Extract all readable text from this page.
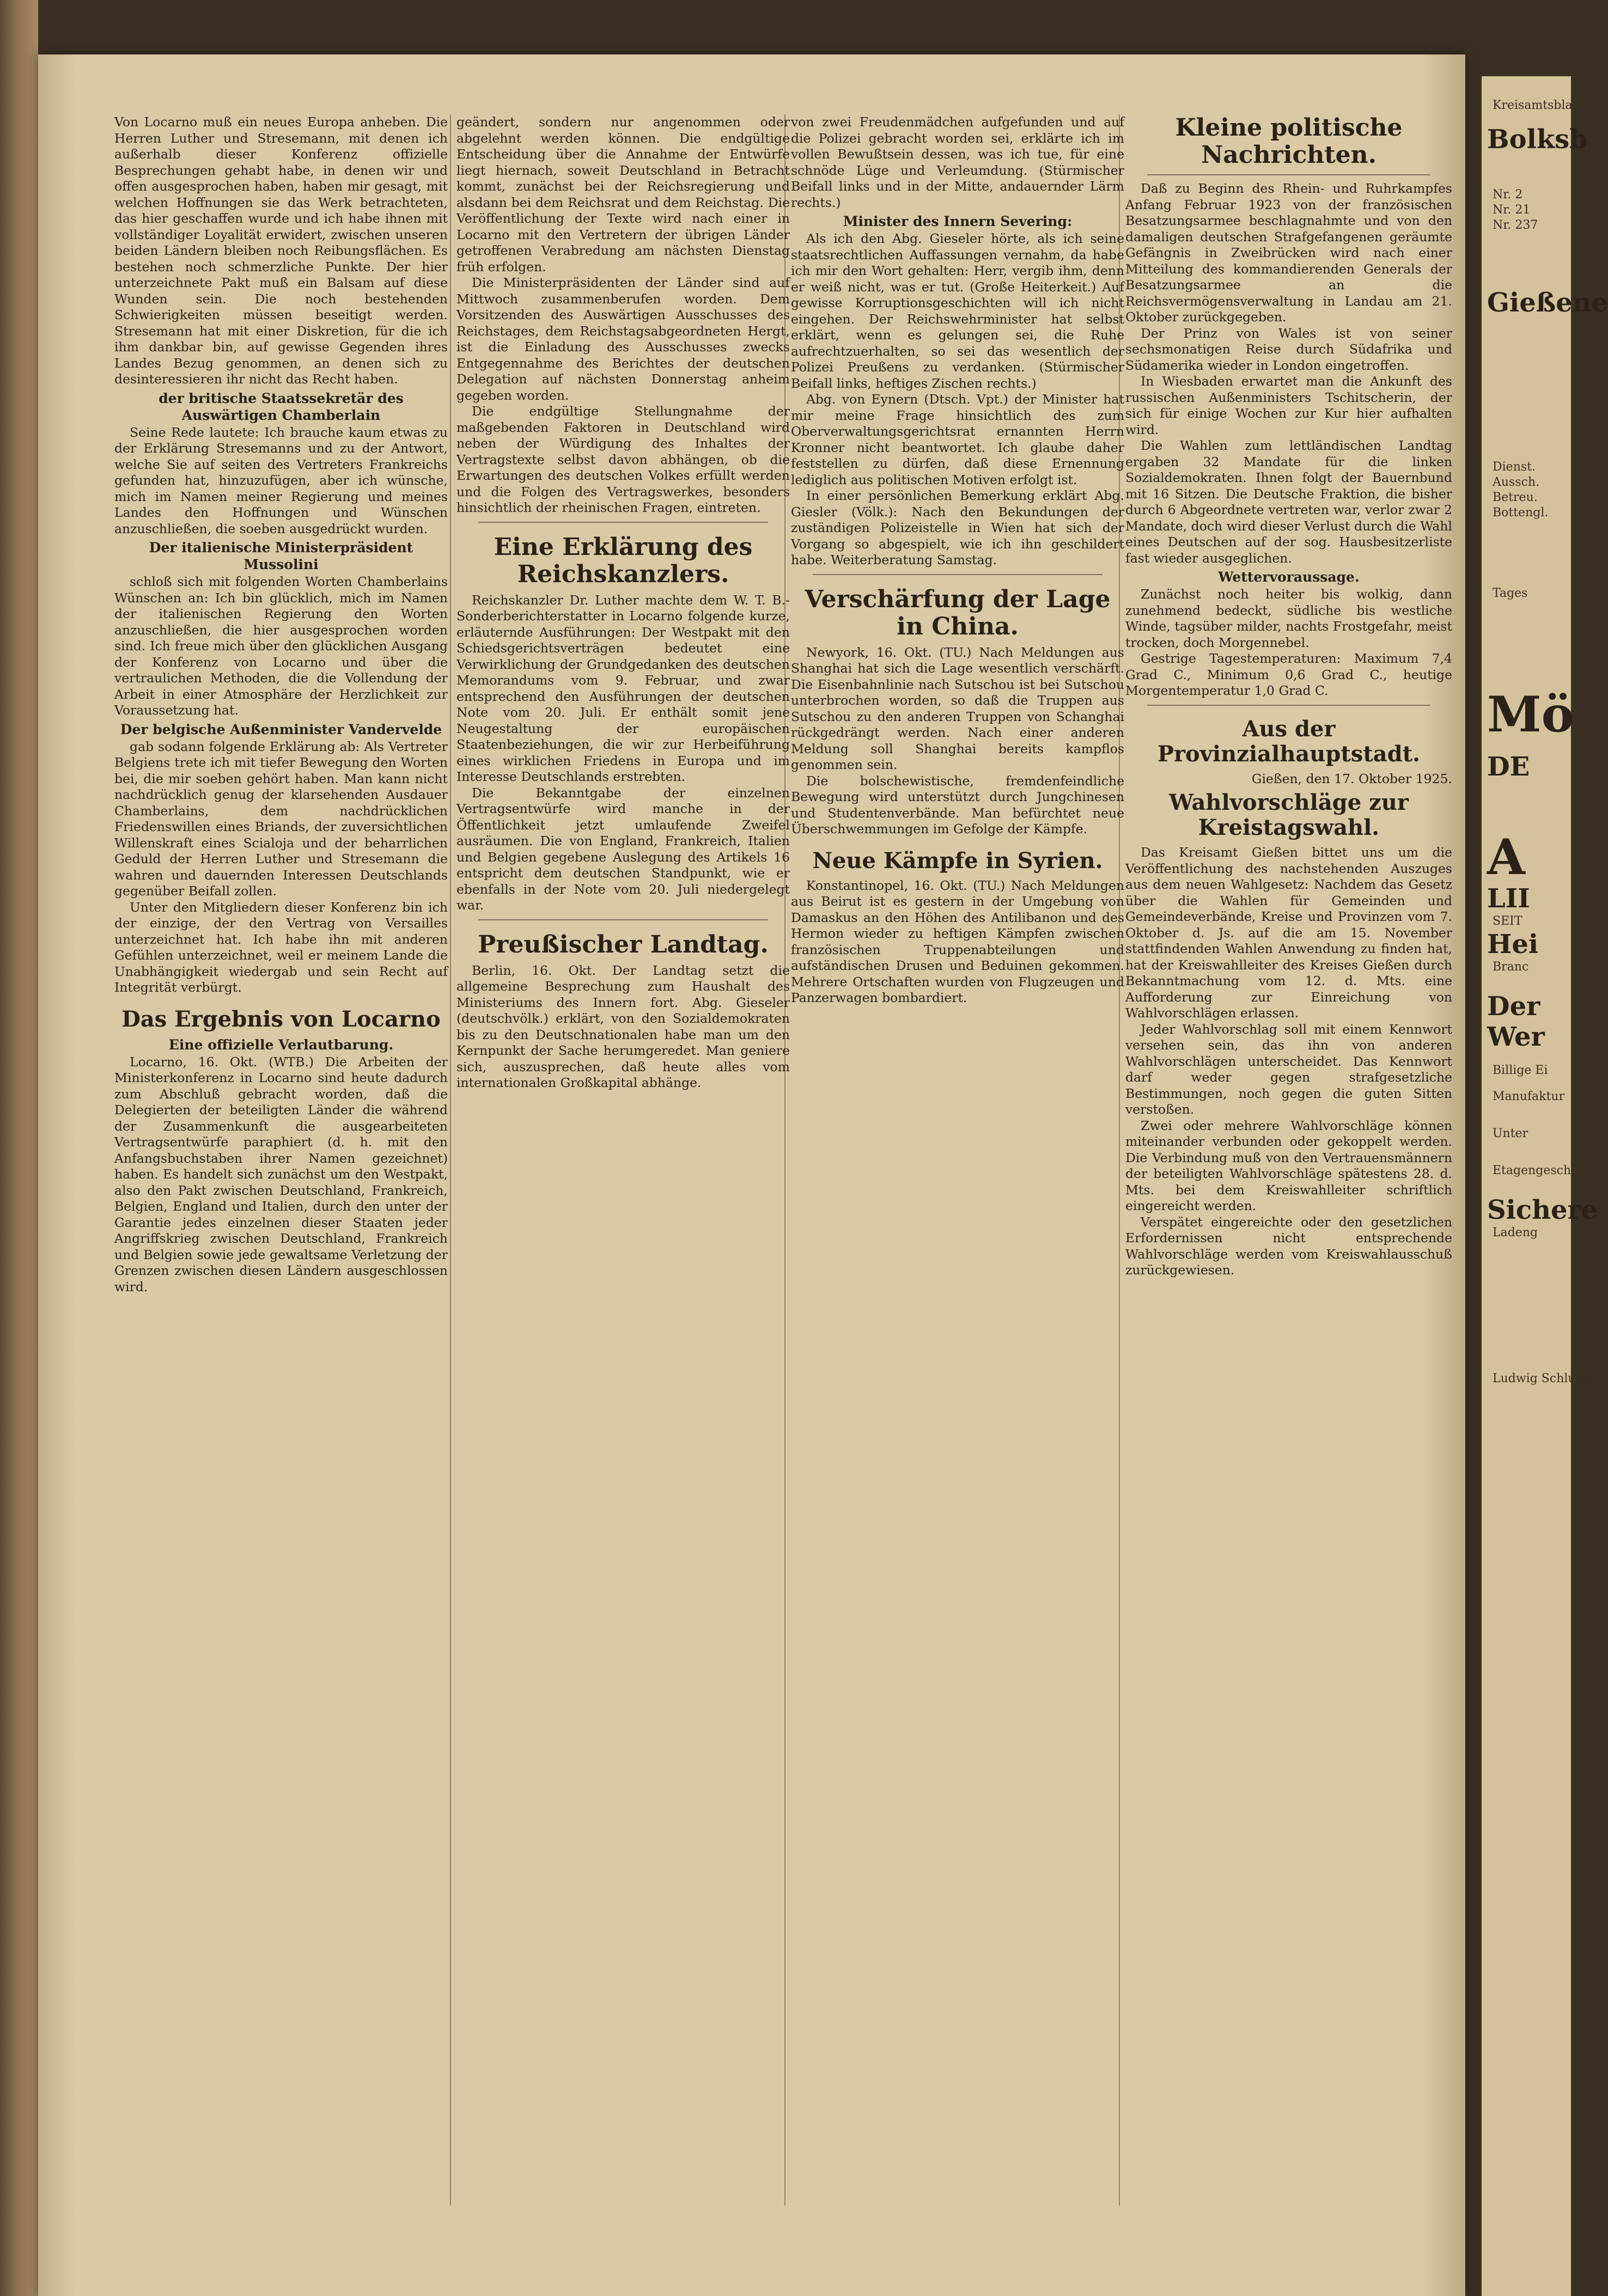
Von Locarno muß ein neues Europa anheben. Die Herren Luther und Stresemann, mit denen ich außerhalb dieser Konferenz offizielle Besprechungen gehabt habe, in denen wir und offen ausgesprochen haben, haben mir gesagt, mit welchen Hoffnungen sie das Werk betrachteten, das hier geschaffen wurde und ich habe ihnen mit vollständiger Loyalität erwidert, zwischen unseren beiden Ländern bleiben noch Reibungsflächen. Es bestehen noch schmerzliche Punkte. Der hier unterzeichnete Pakt muß ein Balsam auf diese Wunden sein. Die noch bestehenden Schwierigkeiten müssen beseitigt werden. Stresemann hat mit einer Diskretion, für die ich ihm dankbar bin, auf gewisse Gegenden ihres Landes Bezug genommen, an denen sich zu desinteressieren ihr nicht das Recht haben.

der britische Staatssekretär des Auswärtigen Chamberlain

Seine Rede lautete: Ich brauche kaum etwas zu der Erklärung Stresemanns und zu der Antwort, welche Sie auf seiten des Vertreters Frankreichs gefunden hat, hinzuzufügen, aber ich wünsche, mich im Namen meiner Regierung und meines Landes den Hoffnungen und Wünschen anzuschließen, die soeben ausgedrückt wurden.

Der italienische Ministerpräsident Mussolini

schloß sich mit folgenden Worten Chamberlains Wünschen an: Ich bin glücklich, mich im Namen der italienischen Regierung den Worten anzuschließen, die hier ausgesprochen worden sind. Ich freue mich über den glücklichen Ausgang der Konferenz von Locarno und über die vertraulichen Methoden, die die Vollendung der Arbeit in einer Atmosphäre der Herzlichkeit zur Voraussetzung hat.

Der belgische Außenminister Vandervelde

gab sodann folgende Erklärung ab: Als Vertreter Belgiens trete ich mit tiefer Bewegung den Worten bei, die mir soeben gehört haben. Man kann nicht nachdrücklich genug der klarsehenden Ausdauer Chamberlains, dem nachdrücklichen Friedenswillen eines Briands, der zuversichtlichen Willenskraft eines Scialoja und der beharrlichen Geduld der Herren Luther und Stresemann die wahren und dauernden Interessen Deutschlands gegenüber Beifall zollen.

Unter den Mitgliedern dieser Konferenz bin ich der einzige, der den Vertrag von Versailles unterzeichnet hat. Ich habe ihn mit anderen Gefühlen unterzeichnet, weil er meinem Lande die Unabhängigkeit wiedergab und sein Recht auf Integrität verbürgt.

Das Ergebnis von Locarno
Eine offizielle Verlautbarung.

Locarno, 16. Okt. (WTB.) Die Arbeiten der Ministerkonferenz in Locarno sind heute dadurch zum Abschluß gebracht worden, daß die Delegierten der beteiligten Länder die während der Zusammenkunft die ausgearbeiteten Vertragsentwürfe paraphiert (d. h. mit den Anfangsbuchstaben ihrer Namen gezeichnet) haben. Es handelt sich zunächst um den Westpakt, also den Pakt zwischen Deutschland, Frankreich, Belgien, England und Italien, durch den unter der Garantie jedes einzelnen dieser Staaten jeder Angriffskrieg zwischen Deutschland, Frankreich und Belgien sowie jede gewaltsame Verletzung der Grenzen zwischen diesen Ländern ausgeschlossen wird.

geändert, sondern nur angenommen oder abgelehnt werden können. Die endgültige Entscheidung über die Annahme der Entwürfe liegt hiernach, soweit Deutschland in Betracht kommt, zunächst bei der Reichsregierung und alsdann bei dem Reichsrat und dem Reichstag. Die Veröffentlichung der Texte wird nach einer in Locarno mit den Vertretern der übrigen Länder getroffenen Verabredung am nächsten Dienstag früh erfolgen.

Die Ministerpräsidenten der Länder sind auf Mittwoch zusammenberufen worden. Dem Vorsitzenden des Auswärtigen Ausschusses des Reichstages, dem Reichstagsabgeordneten Hergt, ist die Einladung des Ausschusses zwecks Entgegennahme des Berichtes der deutschen Delegation auf nächsten Donnerstag anheim gegeben worden.

Die endgültige Stellungnahme der maßgebenden Faktoren in Deutschland wird neben der Würdigung des Inhaltes der Vertragstexte selbst davon abhängen, ob die Erwartungen des deutschen Volkes erfüllt werden und die Folgen des Vertragswerkes, besonders hinsichtlich der rheinischen Fragen, eintreten.

Eine Erklärung des Reichskanzlers.

Reichskanzler Dr. Luther machte dem W. T. B.-Sonderberichterstatter in Locarno folgende kurze, erläuternde Ausführungen: Der Westpakt mit den Schiedsgerichtsverträgen bedeutet eine Verwirklichung der Grundgedanken des deutschen Memorandums vom 9. Februar, und zwar entsprechend den Ausführungen der deutschen Note vom 20. Juli. Er enthält somit jene Neugestaltung der europäischen Staatenbeziehungen, die wir zur Herbeiführung eines wirklichen Friedens in Europa und im Interesse Deutschlands erstrebten.

Die Bekanntgabe der einzelnen Vertragsentwürfe wird manche in der Öffentlichkeit jetzt umlaufende Zweifel ausräumen. Die von England, Frankreich, Italien und Belgien gegebene Auslegung des Artikels 16 entspricht dem deutschen Standpunkt, wie er ebenfalls in der Note vom 20. Juli niedergelegt war.

Preußischer Landtag.

Berlin, 16. Okt. Der Landtag setzt die allgemeine Besprechung zum Haushalt des Ministeriums des Innern fort. Abg. Gieseler (deutschvölk.) erklärt, von den Sozialdemokraten bis zu den Deutschnationalen habe man um den Kernpunkt der Sache herumgeredet. Man geniere sich, auszusprechen, daß heute alles vom internationalen Großkapital abhänge.

von zwei Freudenmädchen aufgefunden und auf die Polizei gebracht worden sei, erklärte ich im vollen Bewußtsein dessen, was ich tue, für eine schnöde Lüge und Verleumdung. (Stürmischer Beifall links und in der Mitte, andauernder Lärm rechts.)

Minister des Innern Severing:

Als ich den Abg. Gieseler hörte, als ich seine staatsrechtlichen Auffassungen vernahm, da habe ich mir den Wort gehalten: Herr, vergib ihm, denn er weiß nicht, was er tut. (Große Heiterkeit.) Auf gewisse Korruptionsgeschichten will ich nicht eingehen. Der Reichswehrminister hat selbst erklärt, wenn es gelungen sei, die Ruhe aufrechtzuerhalten, so sei das wesentlich der Polizei Preußens zu verdanken. (Stürmischer Beifall links, heftiges Zischen rechts.)

Abg. von Eynern (Dtsch. Vpt.) der Minister hat mir meine Frage hinsichtlich des zum Oberverwaltungsgerichtsrat ernannten Herrn Kronner nicht beantwortet. Ich glaube daher feststellen zu dürfen, daß diese Ernennung lediglich aus politischen Motiven erfolgt ist.

In einer persönlichen Bemerkung erklärt Abg. Giesler (Völk.): Nach den Bekundungen der zuständigen Polizeistelle in Wien hat sich der Vorgang so abgespielt, wie ich ihn geschildert habe. Weiterberatung Samstag.

Verschärfung der Lage in China.

Newyork, 16. Okt. (TU.) Nach Meldungen aus Shanghai hat sich die Lage wesentlich verschärft. Die Eisenbahnlinie nach Sutschou ist bei Sutschou unterbrochen worden, so daß die Truppen aus Sutschou zu den anderen Truppen von Schanghai rückgedrängt werden. Nach einer anderen Meldung soll Shanghai bereits kampflos genommen sein.

Die bolschewistische, fremdenfeindliche Bewegung wird unterstützt durch Jungchinesen und Studentenverbände. Man befürchtet neue Überschwemmungen im Gefolge der Kämpfe.

Neue Kämpfe in Syrien.

Konstantinopel, 16. Okt. (TU.) Nach Meldungen aus Beirut ist es gestern in der Umgebung von Damaskus an den Höhen des Antilibanon und des Hermon wieder zu heftigen Kämpfen zwischen französischen Truppenabteilungen und aufständischen Drusen und Beduinen gekommen. Mehrere Ortschaften wurden von Flugzeugen und Panzerwagen bombardiert.

Kleine politische Nachrichten.

Daß zu Beginn des Rhein- und Ruhrkampfes Anfang Februar 1923 von der französischen Besatzungsarmee beschlagnahmte und von den damaligen deutschen Strafgefangenen geräumte Gefängnis in Zweibrücken wird nach einer Mitteilung des kommandierenden Generals der Besatzungsarmee an die Reichsvermögensverwaltung in Landau am 21. Oktober zurückgegeben.

Der Prinz von Wales ist von seiner sechsmonatigen Reise durch Südafrika und Südamerika wieder in London eingetroffen.

In Wiesbaden erwartet man die Ankunft des russischen Außenministers Tschitscherin, der sich für einige Wochen zur Kur hier aufhalten wird.

Die Wahlen zum lettländischen Landtag ergaben 32 Mandate für die linken Sozialdemokraten. Ihnen folgt der Bauernbund mit 16 Sitzen. Die Deutsche Fraktion, die bisher durch 6 Abgeordnete vertreten war, verlor zwar 2 Mandate, doch wird dieser Verlust durch die Wahl eines Deutschen auf der sog. Hausbesitzerliste fast wieder ausgeglichen.

Wettervoraussage.

Zunächst noch heiter bis wolkig, dann zunehmend bedeckt, südliche bis westliche Winde, tagsüber milder, nachts Frostgefahr, meist trocken, doch Morgennebel.

Gestrige Tagestemperaturen: Maximum 7,4 Grad C., Minimum 0,6 Grad C., heutige Morgentemperatur 1,0 Grad C.

Aus der Provinzialhauptstadt.
Gießen, den 17. Oktober 1925.
Wahlvorschläge zur Kreistagswahl.

Das Kreisamt Gießen bittet uns um die Veröffentlichung des nachstehenden Auszuges aus dem neuen Wahlgesetz: Nachdem das Gesetz über die Wahlen für Gemeinden und Gemeindeverbände, Kreise und Provinzen vom 7. Oktober d. Js. auf die am 15. November stattfindenden Wahlen Anwendung zu finden hat, hat der Kreiswahlleiter des Kreises Gießen durch Bekanntmachung vom 12. d. Mts. eine Aufforderung zur Einreichung von Wahlvorschlägen erlassen.

Jeder Wahlvorschlag soll mit einem Kennwort versehen sein, das ihn von anderen Wahlvorschlägen unterscheidet. Das Kennwort darf weder gegen strafgesetzliche Bestimmungen, noch gegen die guten Sitten verstoßen.

Zwei oder mehrere Wahlvorschläge können miteinander verbunden oder gekoppelt werden. Die Verbindung muß von den Vertrauensmännern der beteiligten Wahlvorschläge spätestens 28. d. Mts. bei dem Kreiswahlleiter schriftlich eingereicht werden.

Verspätet eingereichte oder den gesetzlichen Erfordernissen nicht entsprechende Wahlvorschläge werden vom Kreiswahlausschuß zurückgewiesen.

Kreisamtsblatt
Bolksb
Nr. 2
Nr. 21
Nr. 237
Gießene
Dienst.
Aussch.
Betreu.
Bottengl.
Tages
Mö
DE
A
LII
SEIT
Hei
Branc
Der Wer
Billige Ei
Manufaktur
Unter
Etagengeschä
Sichere
Ladeng
Ludwig Schlund
